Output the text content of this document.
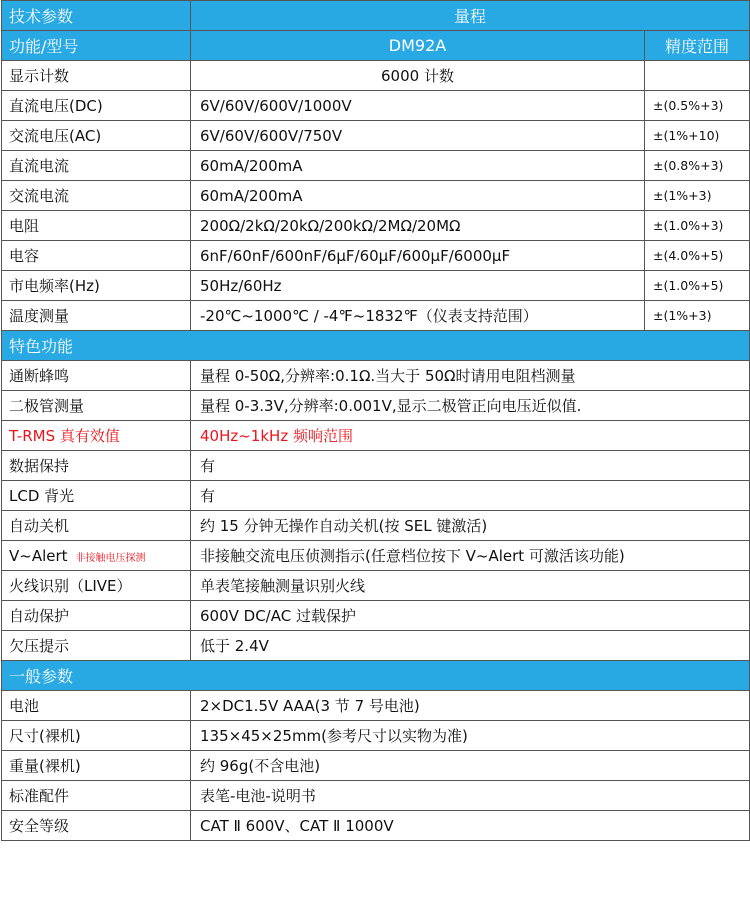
技术参数	量程	
功能/型号	DM92A	精度范围
显示计数	6000 计数	
直流电压(DC)	6V/60V/600V/1000V	±(0.5%+3)
交流电压(AC)	6V/60V/600V/750V	±(1%+10)
直流电流	60mA/200mA	±(0.8%+3)
交流电流	60mA/200mA	±(1%+3)
电阻	200Ω/2kΩ/20kΩ/200kΩ/2MΩ/20MΩ	±(1.0%+3)
电容	6nF/60nF/600nF/6μF/60μF/600μF/6000μF	±(4.0%+5)
市电频率(Hz)	50Hz/60Hz	±(1.0%+5)
温度测量	-20℃~1000℃ / -4℉~1832℉（仪表支持范围）	±(1%+3)
特色功能		
通断蜂鸣	量程 0-50Ω,分辨率:0.1Ω.当大于 50Ω时请用电阻档测量	
二极管测量	量程 0-3.3V,分辨率:0.001V,显示二极管正向电压近似值.	
T-RMS 真有效值	40Hz~1kHz 频响范围	
数据保持	有	
LCD 背光	有	
自动关机	约 15 分钟无操作自动关机(按 SEL 键激活)	
V~Alert 非接触电压探测	非接触交流电压侦测指示(任意档位按下 V~Alert 可激活该功能)	
火线识别（LIVE）	单表笔接触测量识别火线	
自动保护	600V DC/AC 过载保护	
欠压提示	低于 2.4V	
一般参数		
电池	2×DC1.5V AAA(3 节 7 号电池)	
尺寸(裸机)	135×45×25mm(参考尺寸以实物为准)	
重量(裸机)	约 96g(不含电池)	
标准配件	表笔-电池-说明书	
安全等级	CAT Ⅱ 600V、CAT Ⅱ 1000V	
